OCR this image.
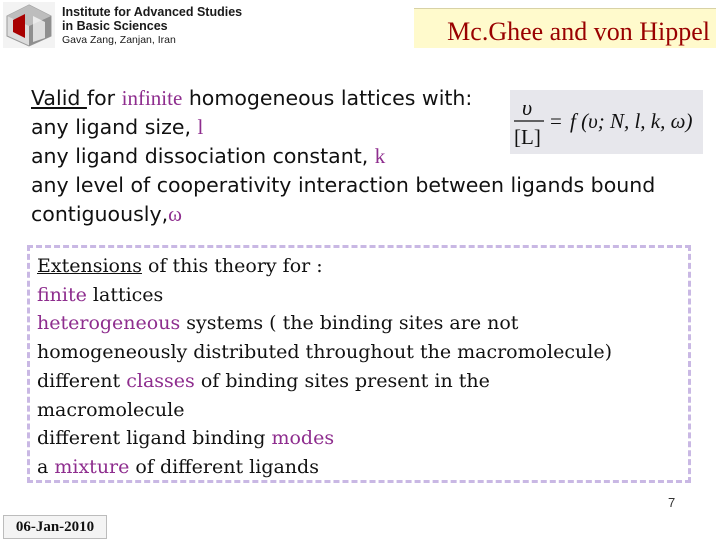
Institute for Advanced Studies
in Basic Sciences
Gava Zang, Zanjan, Iran	Mc.Ghee and von Hippel
Valid for infinite homogeneous lattices with:
any ligand size, l
any ligand dissociation constant, k
any level of cooperativity interaction between ligands bound
contiguously,ω
υ
[L]
= f (υ; N, l, k, ω)
Extensions of this theory for :
finite lattices
heterogeneous systems ( the binding sites are not
homogeneously distributed throughout the macromolecule)
different classes of binding sites present in the
macromolecule
different ligand binding modes
a mixture of different ligands
7
06-Jan-2010
